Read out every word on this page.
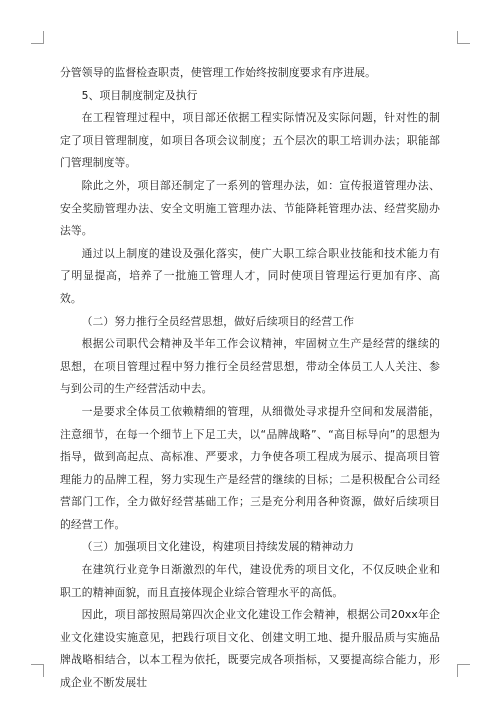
分管领导的监督检查职责，使管理工作始终按制度要求有序进展。

5、项目制度制定及执行

在工程管理过程中，项目部还依据工程实际情况及实际问题，针对性的制定了项目管理制度，如项目各项会议制度；五个层次的职工培训办法；职能部门管理制度等。

除此之外，项目部还制定了一系列的管理办法，如：宣传报道管理办法、安全奖励管理办法、安全文明施工管理办法、节能降耗管理办法、经营奖励办法等。

通过以上制度的建设及强化落实，使广大职工综合职业技能和技术能力有了明显提高，培养了一批施工管理人才，同时使项目管理运行更加有序、高效。

（二）努力推行全员经营思想，做好后续项目的经营工作

根据公司职代会精神及半年工作会议精神，牢固树立生产是经营的继续的思想，在项目管理过程中努力推行全员经营思想，带动全体员工人人关注、参与到公司的生产经营活动中去。

一是要求全体员工依赖精细的管理，从细微处寻求提升空间和发展潜能，注意细节，在每一个细节上下足工夫，以“品牌战略”、“高目标导向”的思想为指导，做到高起点、高标准、严要求，力争使各项工程成为展示、提高项目管理能力的品牌工程，努力实现生产是经营的继续的目标；二是积极配合公司经营部门工作，全力做好经营基础工作；三是充分利用各种资源，做好后续项目的经营工作。

（三）加强项目文化建设，构建项目持续发展的精神动力

在建筑行业竞争日渐激烈的年代，建设优秀的项目文化，不仅反映企业和职工的精神面貌，而且直接体现企业综合管理水平的高低。

因此，项目部按照局第四次企业文化建设工作会精神，根据公司20xx年企业文化建设实施意见，把践行项目文化、创建文明工地、提升服品质与实施品牌战略相结合，以本工程为依托，既要完成各项指标，又要提高综合能力，形成企业不断发展壮
